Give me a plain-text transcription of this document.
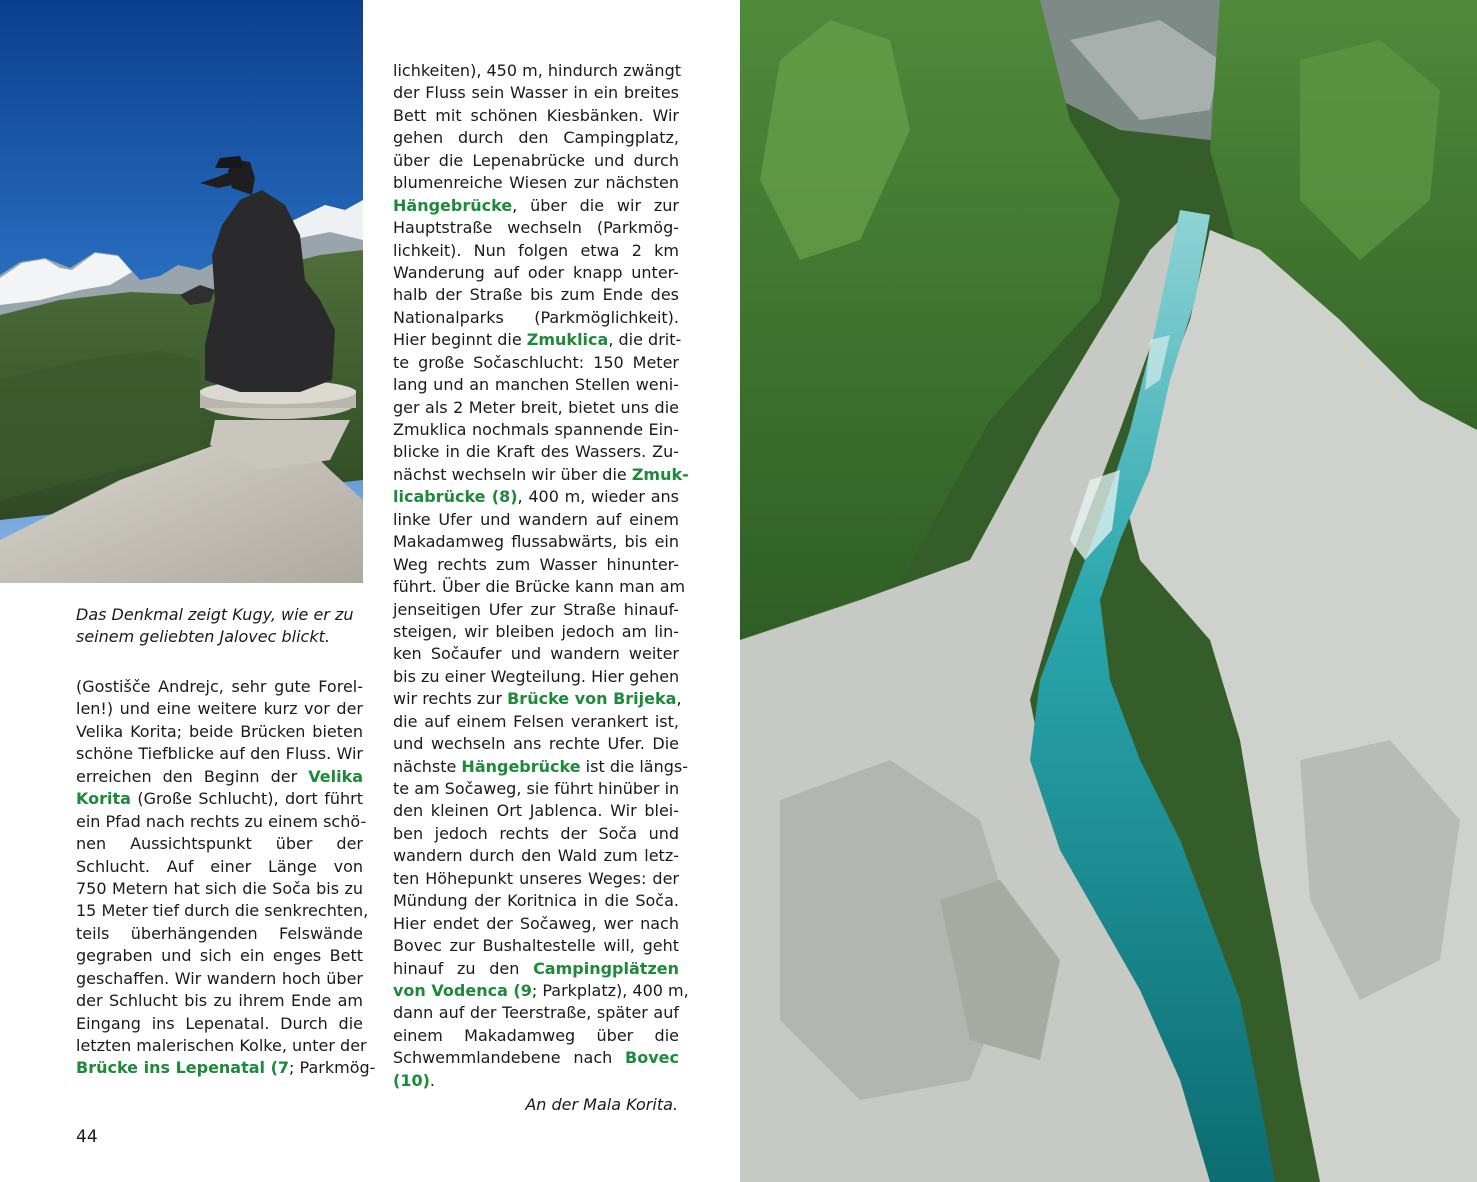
Das Denkmal zeigt Kugy, wie er zu
seinem geliebten Jalovec blickt.

(Gostišče Andrejc, sehr gute Forel-
len!) und eine weitere kurz vor der
Velika Korita; beide Brücken bieten
schöne Tiefblicke auf den Fluss. Wir
erreichen den Beginn der Velika
Korita (Große Schlucht), dort führt
ein Pfad nach rechts zu einem schö-
nen Aussichtspunkt über der
Schlucht. Auf einer Länge von
750 Metern hat sich die Soča bis zu
15 Meter tief durch die senkrechten,
teils überhängenden Felswände
gegraben und sich ein enges Bett
geschaffen. Wir wandern hoch über
der Schlucht bis zu ihrem Ende am
Eingang ins Lepenatal. Durch die
letzten malerischen Kolke, unter der
Brücke ins Lepenatal (7; Parkmög-

lichkeiten), 450 m, hindurch zwängt
der Fluss sein Wasser in ein breites
Bett mit schönen Kiesbänken. Wir
gehen durch den Campingplatz,
über die Lepenabrücke und durch
blumenreiche Wiesen zur nächsten
Hängebrücke, über die wir zur
Hauptstraße wechseln (Parkmög-
lichkeit). Nun folgen etwa 2 km
Wanderung auf oder knapp unter-
halb der Straße bis zum Ende des
Nationalparks (Parkmöglichkeit).
Hier beginnt die Zmuklica, die drit-
te große Sočaschlucht: 150 Meter
lang und an manchen Stellen weni-
ger als 2 Meter breit, bietet uns die
Zmuklica nochmals spannende Ein-
blicke in die Kraft des Wassers. Zu-
nächst wechseln wir über die Zmuk-
licabrücke (8), 400 m, wieder ans
linke Ufer und wandern auf einem
Makadamweg flussabwärts, bis ein
Weg rechts zum Wasser hinunter-
führt. Über die Brücke kann man am
jenseitigen Ufer zur Straße hinauf-
steigen, wir bleiben jedoch am lin-
ken Sočaufer und wandern weiter
bis zu einer Wegteilung. Hier gehen
wir rechts zur Brücke von Brijeka,
die auf einem Felsen verankert ist,
und wechseln ans rechte Ufer. Die
nächste Hängebrücke ist die längs-
te am Sočaweg, sie führt hinüber in
den kleinen Ort Jablenca. Wir blei-
ben jedoch rechts der Soča und
wandern durch den Wald zum letz-
ten Höhepunkt unseres Weges: der
Mündung der Koritnica in die Soča.
Hier endet der Sočaweg, wer nach
Bovec zur Bushaltestelle will, geht
hinauf zu den Campingplätzen
von Vodenca (9; Parkplatz), 400 m,
dann auf der Teerstraße, später auf
einem Makadamweg über die
Schwemmlandebene nach Bovec
(10).

An der Mala Korita.
44
